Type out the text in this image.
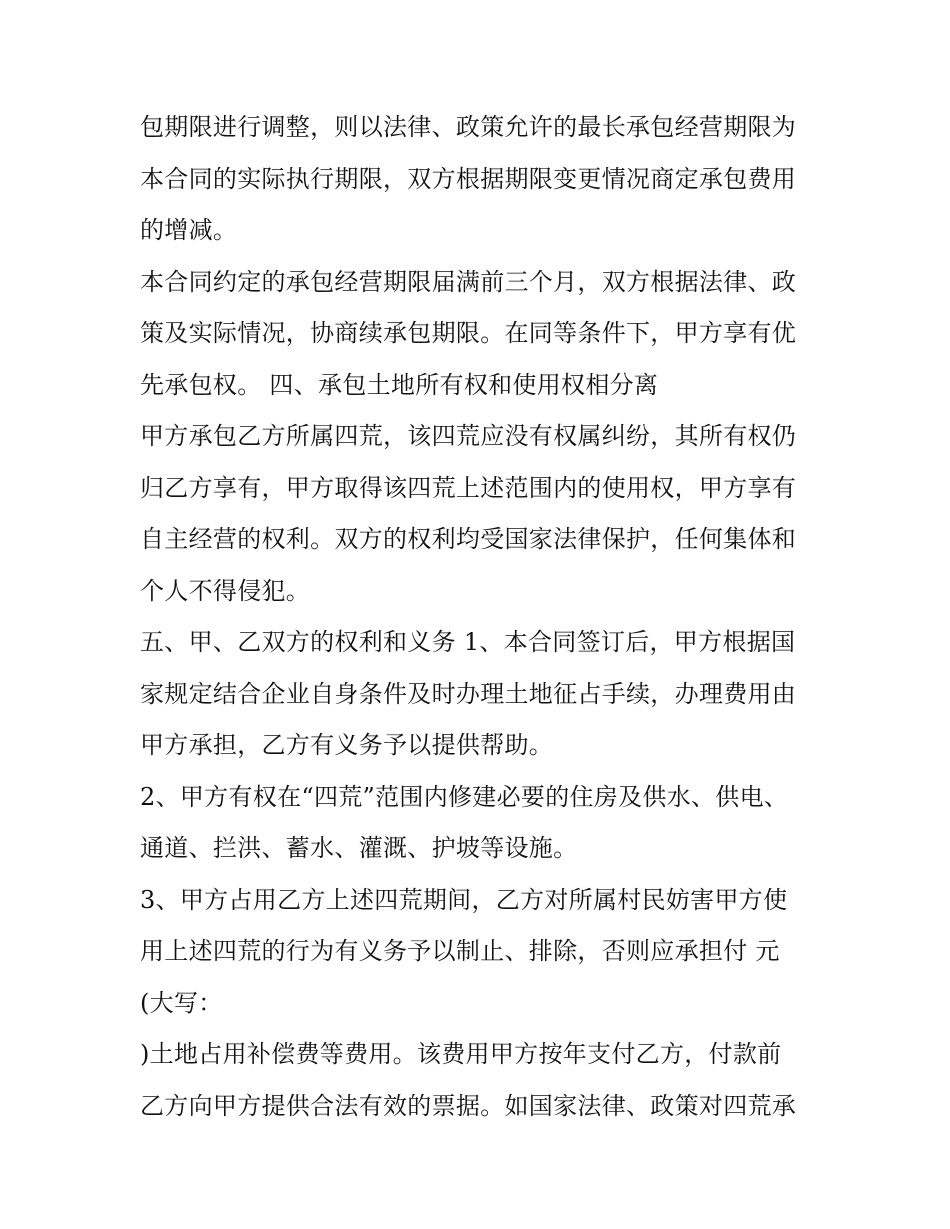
包期限进行调整，则以法律、政策允许的最长承包经营期限为
本合同的实际执行期限，双方根据期限变更情况商定承包费用
的增减。
本合同约定的承包经营期限届满前三个月，双方根据法律、政
策及实际情况，协商续承包期限。在同等条件下，甲方享有优
先承包权。 四、承包土地所有权和使用权相分离
甲方承包乙方所属四荒，该四荒应没有权属纠纷，其所有权仍
归乙方享有，甲方取得该四荒上述范围内的使用权，甲方享有
自主经营的权利。双方的权利均受国家法律保护，任何集体和
个人不得侵犯。
五、甲、乙双方的权利和义务 1、本合同签订后，甲方根据国
家规定结合企业自身条件及时办理土地征占手续，办理费用由
甲方承担，乙方有义务予以提供帮助。
2、甲方有权在“四荒”范围内修建必要的住房及供水、供电、
通道、拦洪、蓄水、灌溉、护坡等设施。
3、甲方占用乙方上述四荒期间，乙方对所属村民妨害甲方使
用上述四荒的行为有义务予以制止、排除，否则应承担付 元
(大写：
)土地占用补偿费等费用。该费用甲方按年支付乙方，付款前
乙方向甲方提供合法有效的票据。如国家法律、政策对四荒承
